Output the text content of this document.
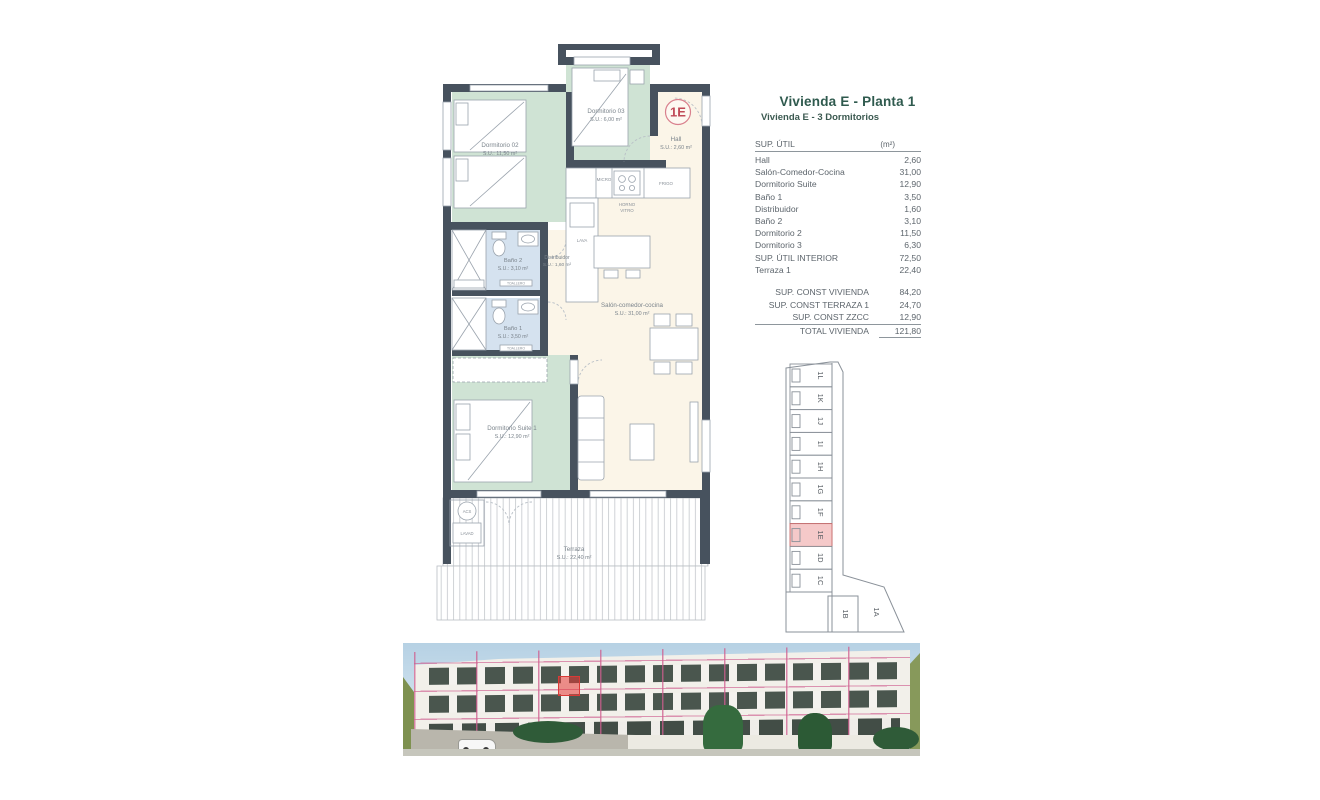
1E
Dormitorio 02
S.U.: 11,50 m²
Dormitorio 03
S.U.: 6,00 m²
Hall
S.U.: 2,60 m²
Baño 2
S.U.: 3,10 m²
Distribuidor
S.U.: 1,60 m²
Baño 1
S.U.: 3,50 m²
Salón-comedor-cocina
S.U.: 31,00 m²
Dormitorio Suite 1
S.U.: 12,90 m²
Terraza
S.U.: 22,40 m²
MICRO
FRIGO
HORNO
VITRO
LAVA
TOALLERO
TOALLERO
ACS
LAVAD
Vivienda E - Planta 1
Vivienda E - 3 Dormitorios
SUP. ÚTIL	(m²)
Hall	2,60
Salón-Comedor-Cocina	31,00
Dormitorio Suite	12,90
Baño 1	3,50
Distribuidor	1,60
Baño 2	3,10
Dormitorio 2	11,50
Dormitorio 3	6,30
SUP. ÚTIL INTERIOR	72,50
Terraza 1	22,40
SUP. CONST VIVIENDA	84,20
SUP. CONST TERRAZA 1	24,70
SUP. CONST ZZCC	12,90
TOTAL VIVIENDA	121,80
1L
1K
1J
1I
1H
1G
1F
1E
1D
1C
1B	1A
